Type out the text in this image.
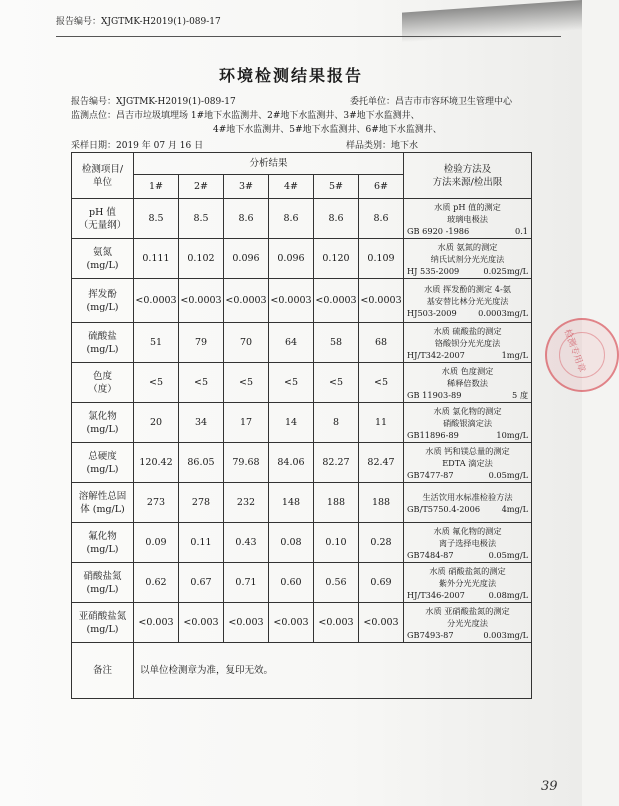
报告编号：XJGTMK-H2019(1)-089-17
环境检测结果报告
报告编号：XJGTMK-H2019(1)-089-17	委托单位：昌吉市市容环境卫生管理中心
监测点位：昌吉市垃圾填埋场 1#地下水监测井、2#地下水监测井、3#地下水监测井、
4#地下水监测井、5#地下水监测井、6#地下水监测井、
采样日期：2019 年 07 月 16 日	样品类别：地下水
检测项目/
单位	分析结果						检验方法及
方法来源/检出限

	1#	2#	3#	4#	5#	6#	

pH 值
（无量纲）	8.5	8.5	8.6	8.6	8.6	8.6	水质 pH 值的测定
玻璃电极法
GB 6920 -1986 0.1

氨氮
(mg/L)	0.111	0.102	0.096	0.096	0.120	0.109	水质 氨氮的测定
纳氏试剂分光光度法
HJ 535-2009 0.025mg/L

挥发酚
(mg/L)	<0.0003	<0.0003	<0.0003	<0.0003	<0.0003	<0.0003	水质 挥发酚的测定 4-氨
基安替比林分光光度法
HJ503-2009 0.0003mg/L

硫酸盐
(mg/L)	51	79	70	64	58	68	水质 硫酸盐的测定
铬酸钡分光光度法
HJ/T342-2007 1mg/L

色度
（度）	<5	<5	<5	<5	<5	<5	水质 色度测定
稀释倍数法
GB 11903-89 5 度

氯化物
(mg/L)	20	34	17	14	8	11	水质 氯化物的测定
硝酸银滴定法
GB11896-89 10mg/L

总硬度
(mg/L)	120.42	86.05	79.68	84.06	82.27	82.47	水质 钙和镁总量的测定
EDTA 滴定法
GB7477-87 0.05mg/L

溶解性总固
体 (mg/L)	273	278	232	148	188	188	生活饮用水标准检验方法
GB/T5750.4-2006 4mg/L

氟化物
(mg/L)	0.09	0.11	0.43	0.08	0.10	0.28	水质 氟化物的测定
离子选择电极法
GB7484-87 0.05mg/L

硝酸盐氮
(mg/L)	0.62	0.67	0.71	0.60	0.56	0.69	水质 硝酸盐氮的测定
紫外分光光度法
HJ/T346-2007 0.08mg/L

亚硝酸盐氮
(mg/L)	<0.003	<0.003	<0.003	<0.003	<0.003	<0.003	水质 亚硝酸盐氮的测定
分光光度法
GB7493-87 0.003mg/L

备注	以单位检测章为准，复印无效。						
检测专用章
39
